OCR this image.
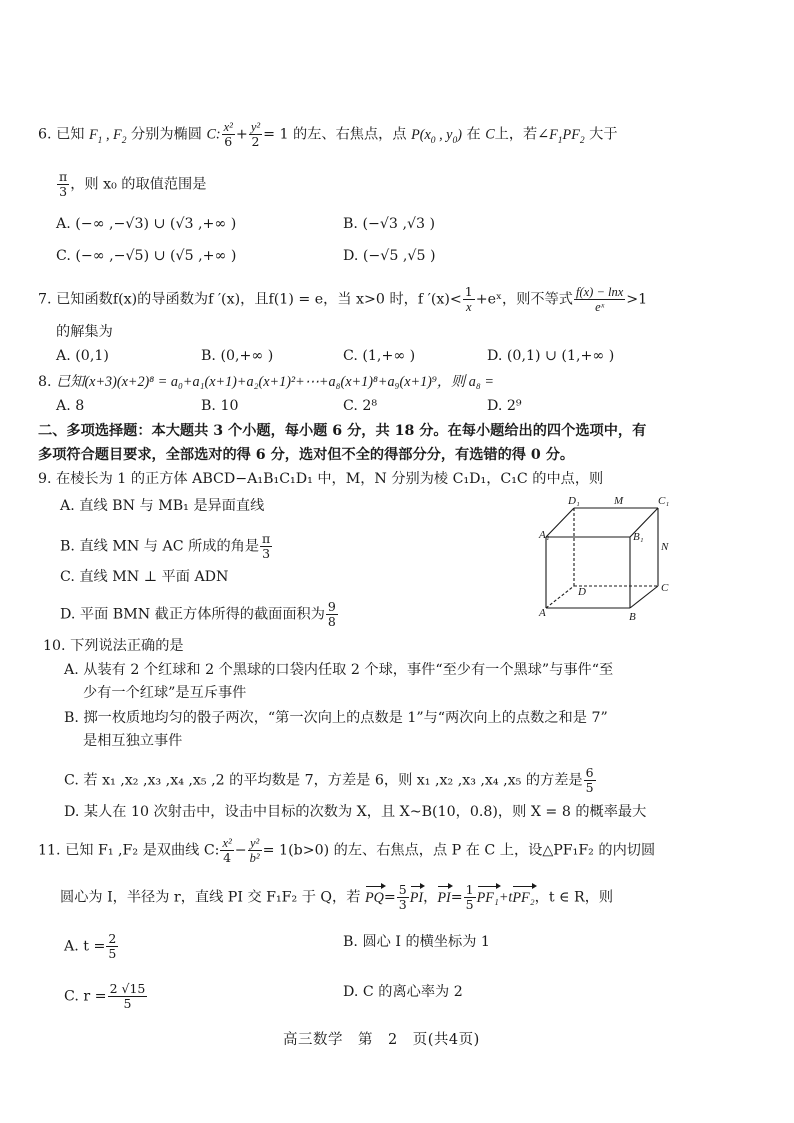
6. 已知 $F_1$ , $F_2$ 分别为椭圆 C: $\frac{\text{x²}}{6} + \frac{\text{y²}}{2} = 1$ 的左、右焦点，点 $P(x_0$ , $y_0$) 在 C上，若$\angle F_1PF_2$ 大于
$\frac{\pi}{3}$ ，则 x₀ 的取值范围是
A. (−∞ ,−√3) ∪ (√3 ,+∞ )	B. (−√3 ,√3 )
C. (−∞ ,−√5) ∪ (√5 ,+∞ )	D. (−√5 ,√5 )
7. 已知函数f(x)的导函数为f ′(x)，且f(1) = e，当 x>0 时，f $'(x)< \frac{1}{x}$ +eˣ，则不等式 $\frac{f(x) - \ln x}{\text{eˣ}} >1$
的解集为
A. (0,1)	B. (0,+∞ )	C. (1,+∞ )	D. (0,1) ∪ (1,+∞ )
8. 已知(x+3)(x+2)⁸ = a₀+a₁(x+1)+a₂(x+1)²+⋯+a₈(x+1)⁸+a₉(x+1)⁹，则 a₈ =
A. 8	B. 10	C. 2⁸	D. 2⁹
二、多项选择题：本大题共 3 个小题，每小题 6 分，共 18 分。在每小题给出的四个选项中，有
多项符合题目要求，全部选对的得 6 分，选对但不全的得部分分，有选错的得 0 分。
9. 在棱长为 1 的正方体 ABCD−A₁B₁C₁D₁ 中，M，N 分别为棱 C₁D₁，C₁C 的中点，则
A. 直线 BN 与 MB₁ 是异面直线
B. 直线 MN 与 AC 所成的角是 $\frac{\pi}{3}$
C. 直线 MN ⊥ 平面 ADN
D. 平面 BMN 截正方体所得的截面面积为 $\frac{9}{8}$
D₁	M	C₁
A₁	B₁
N
D	C
A	B
10. 下列说法正确的是
A. 从装有 2 个红球和 2 个黑球的口袋内任取 2 个球，事件“至少有一个黑球”与事件“至
少有一个红球”是互斥事件
B. 掷一枚质地均匀的骰子两次，“第一次向上的点数是 1”与“两次向上的点数之和是 7”
是相互独立事件
C. 若 x₁ ,x₂ ,x₃ ,x₄ ,x₅ ,2 的平均数是 7，方差是 6，则 x₁ ,x₂ ,x₃ ,x₄ ,x₅ 的方差是 $\frac{6}{5}$
D. 某人在 10 次射击中，设击中目标的次数为 X，且 X~B(10，0.8)，则 X = 8 的概率最大
11. 已知 F₁ ,F₂ 是双曲线 C: $\frac{\text{x²}}{4} - \frac{\text{y²}}{\text{b²}} = 1(b>0)$ 的左、右焦点，点 P 在 C 上，设△PF₁F₂ 的内切圆
圆心为 I，半径为 r，直线 PI 交 F₁F₂ 于 Q，若 $PQ= \frac{5}{3}$ PI，$PI= \frac{1}{5} PF_1+tPF_2$，t ∈ R，则
A. $t = \frac{2}{5}$	B. 圆心 I 的横坐标为 1
C. $r = \frac{2 √15}{5}$	D. C 的离心率为 2
高三数学　第　2　页(共4页)
